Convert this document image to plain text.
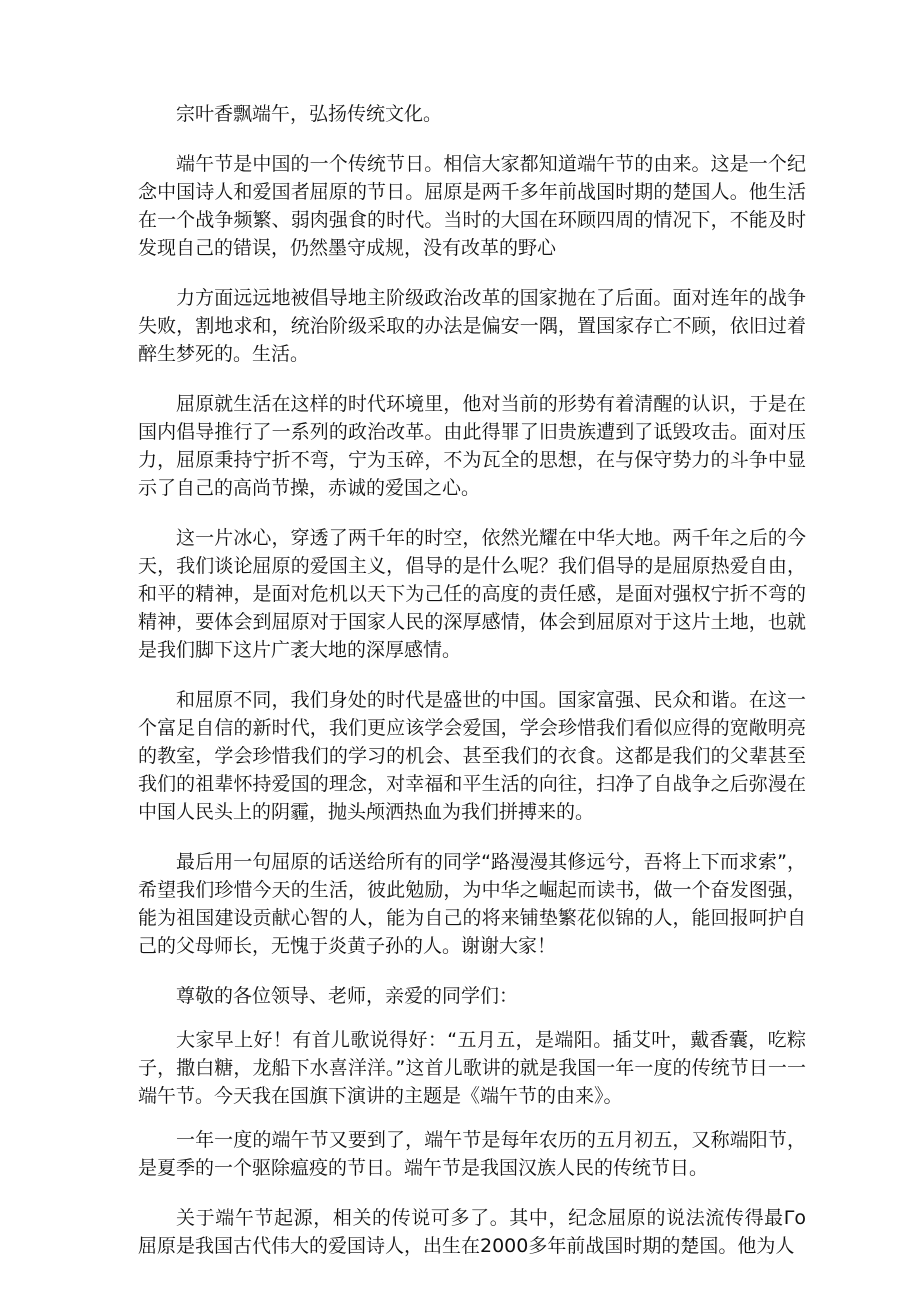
宗叶香飘端午，弘扬传统文化。

端午节是中国的一个传统节日。相信大家都知道端午节的由来。这是一个纪念中国诗人和爱国者屈原的节日。屈原是两千多年前战国时期的楚国人。他生活在一个战争频繁、弱肉强食的时代。当时的大国在环顾四周的情况下，不能及时发现自己的错误，仍然墨守成规，没有改革的野心

力方面远远地被倡导地主阶级政治改革的国家抛在了后面。面对连年的战争失败，割地求和，统治阶级采取的办法是偏安一隅，置国家存亡不顾，依旧过着醉生梦死的。生活。

屈原就生活在这样的时代环境里，他对当前的形势有着清醒的认识，于是在国内倡导推行了一系列的政治改革。由此得罪了旧贵族遭到了诋毁攻击。面对压力，屈原秉持宁折不弯，宁为玉碎，不为瓦全的思想，在与保守势力的斗争中显示了自己的高尚节操，赤诚的爱国之心。

这一片冰心，穿透了两千年的时空，依然光耀在中华大地。两千年之后的今天，我们谈论屈原的爱国主义，倡导的是什么呢？我们倡导的是屈原热爱自由，和平的精神，是面对危机以天下为己任的高度的责任感，是面对强权宁折不弯的精神，要体会到屈原对于国家人民的深厚感情，体会到屈原对于这片土地，也就是我们脚下这片广袤大地的深厚感情。

和屈原不同，我们身处的时代是盛世的中国。国家富强、民众和谐。在这一个富足自信的新时代，我们更应该学会爱国，学会珍惜我们看似应得的宽敞明亮的教室，学会珍惜我们的学习的机会、甚至我们的衣食。这都是我们的父辈甚至我们的祖辈怀持爱国的理念，对幸福和平生活的向往，扫净了自战争之后弥漫在中国人民头上的阴霾，抛头颅洒热血为我们拼搏来的。

最后用一句屈原的话送给所有的同学“路漫漫其修远兮，吾将上下而求索”，希望我们珍惜今天的生活，彼此勉励，为中华之崛起而读书，做一个奋发图强，能为祖国建设贡献心智的人，能为自己的将来铺垫繁花似锦的人，能回报呵护自己的父母师长，无愧于炎黄子孙的人。谢谢大家！

尊敬的各位领导、老师，亲爱的同学们：

大家早上好！有首儿歌说得好：“五月五，是端阳。插艾叶，戴香囊，吃粽子，撒白糖，龙船下水喜洋洋。”这首儿歌讲的就是我国一年一度的传统节日一一端午节。今天我在国旗下演讲的主题是《端午节的由来》。

一年一度的端午节又要到了，端午节是每年农历的五月初五，又称端阳节，是夏季的一个驱除瘟疫的节日。端午节是我国汉族人民的传统节日。

关于端午节起源，相关的传说可多了。其中，纪念屈原的说法流传得最Γo屈原是我国古代伟大的爱国诗人，出生在2000多年前战国时期的楚国。他为人
